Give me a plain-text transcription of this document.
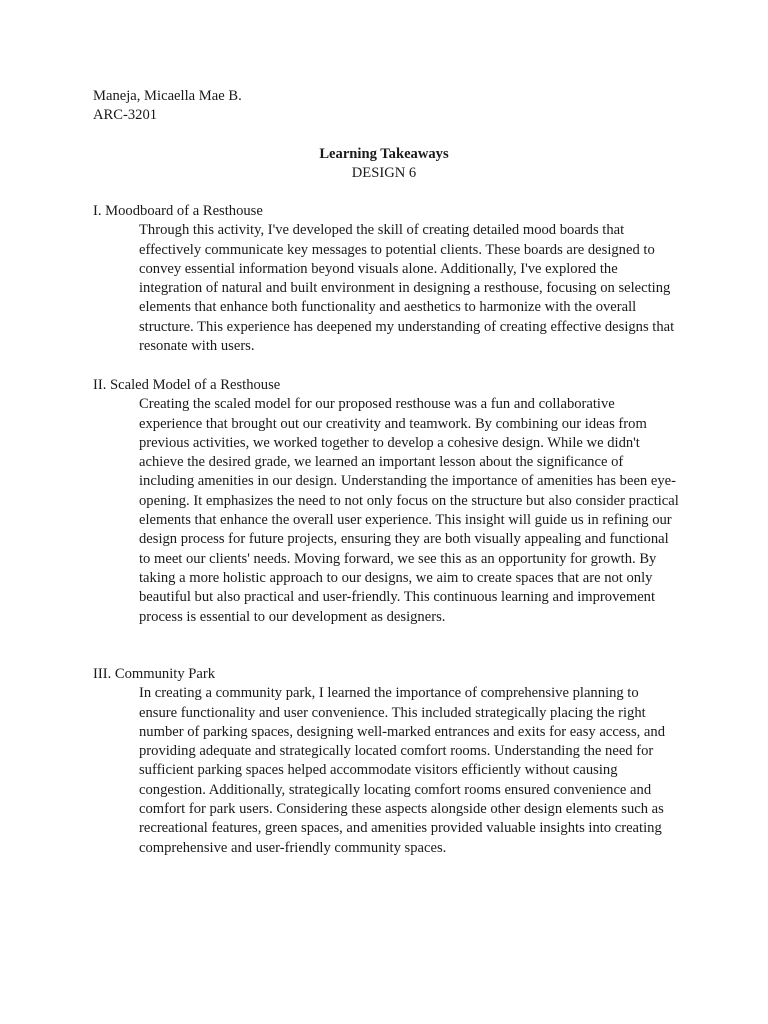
Maneja, Micaella Mae B.
ARC-3201
Learning Takeaways
DESIGN 6
I. Moodboard of a Resthouse
Through this activity, I've developed the skill of creating detailed mood boards that effectively communicate key messages to potential clients. These boards are designed to convey essential information beyond visuals alone. Additionally, I've explored the integration of natural and built environment in designing a resthouse, focusing on selecting elements that enhance both functionality and aesthetics to harmonize with the overall structure. This experience has deepened my understanding of creating effective designs that resonate with users.
II. Scaled Model of a Resthouse
Creating the scaled model for our proposed resthouse was a fun and collaborative experience that brought out our creativity and teamwork. By combining our ideas from previous activities, we worked together to develop a cohesive design. While we didn't achieve the desired grade, we learned an important lesson about the significance of including amenities in our design. Understanding the importance of amenities has been eye-opening. It emphasizes the need to not only focus on the structure but also consider practical elements that enhance the overall user experience. This insight will guide us in refining our design process for future projects, ensuring they are both visually appealing and functional to meet our clients' needs. Moving forward, we see this as an opportunity for growth. By taking a more holistic approach to our designs, we aim to create spaces that are not only beautiful but also practical and user-friendly. This continuous learning and improvement process is essential to our development as designers.
III. Community Park
In creating a community park, I learned the importance of comprehensive planning to ensure functionality and user convenience. This included strategically placing the right number of parking spaces, designing well-marked entrances and exits for easy access, and providing adequate and strategically located comfort rooms. Understanding the need for sufficient parking spaces helped accommodate visitors efficiently without causing congestion. Additionally, strategically locating comfort rooms ensured convenience and comfort for park users. Considering these aspects alongside other design elements such as recreational features, green spaces, and amenities provided valuable insights into creating comprehensive and user-friendly community spaces.
